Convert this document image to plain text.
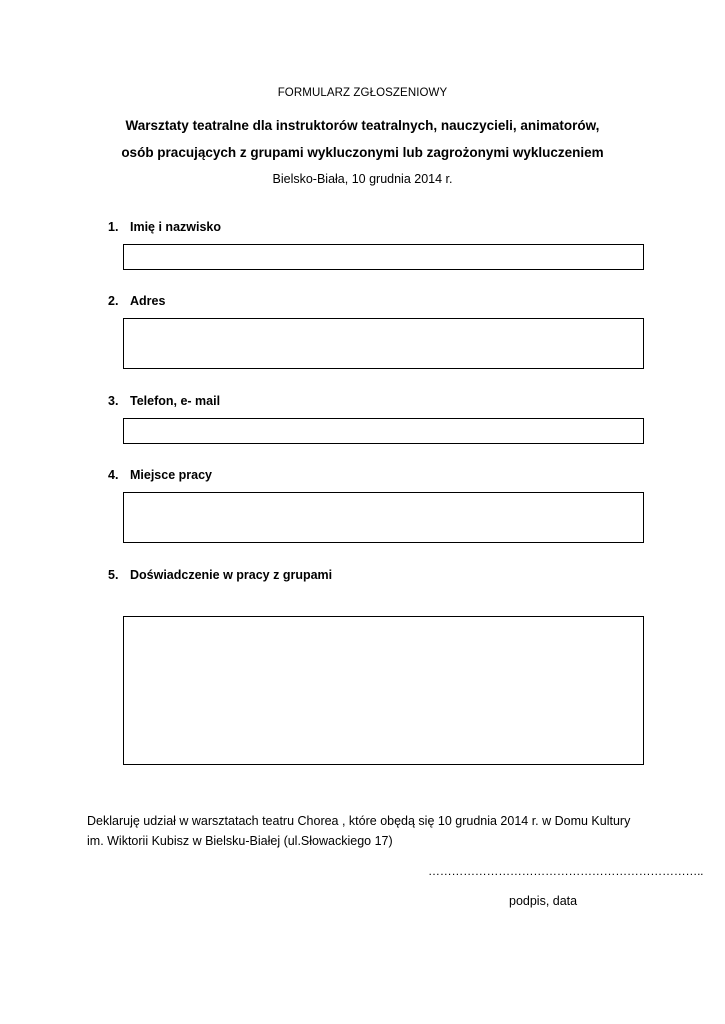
FORMULARZ ZGŁOSZENIOWY
Warsztaty teatralne dla instruktorów teatralnych, nauczycieli, animatorów,
osób pracujących z grupami wykluczonymi lub zagrożonymi wykluczeniem
Bielsko-Biała, 10 grudnia 2014 r.
1. Imię i nazwisko
2. Adres
3. Telefon, e- mail
4. Miejsce pracy
5. Doświadczenie w pracy z grupami
Deklaruję udział w warsztatach teatru Chorea , które obędą się 10 grudnia 2014 r. w Domu Kultury
im. Wiktorii Kubisz w Bielsku-Białej (ul.Słowackiego 17)
……………………………………………………………..
podpis, data
